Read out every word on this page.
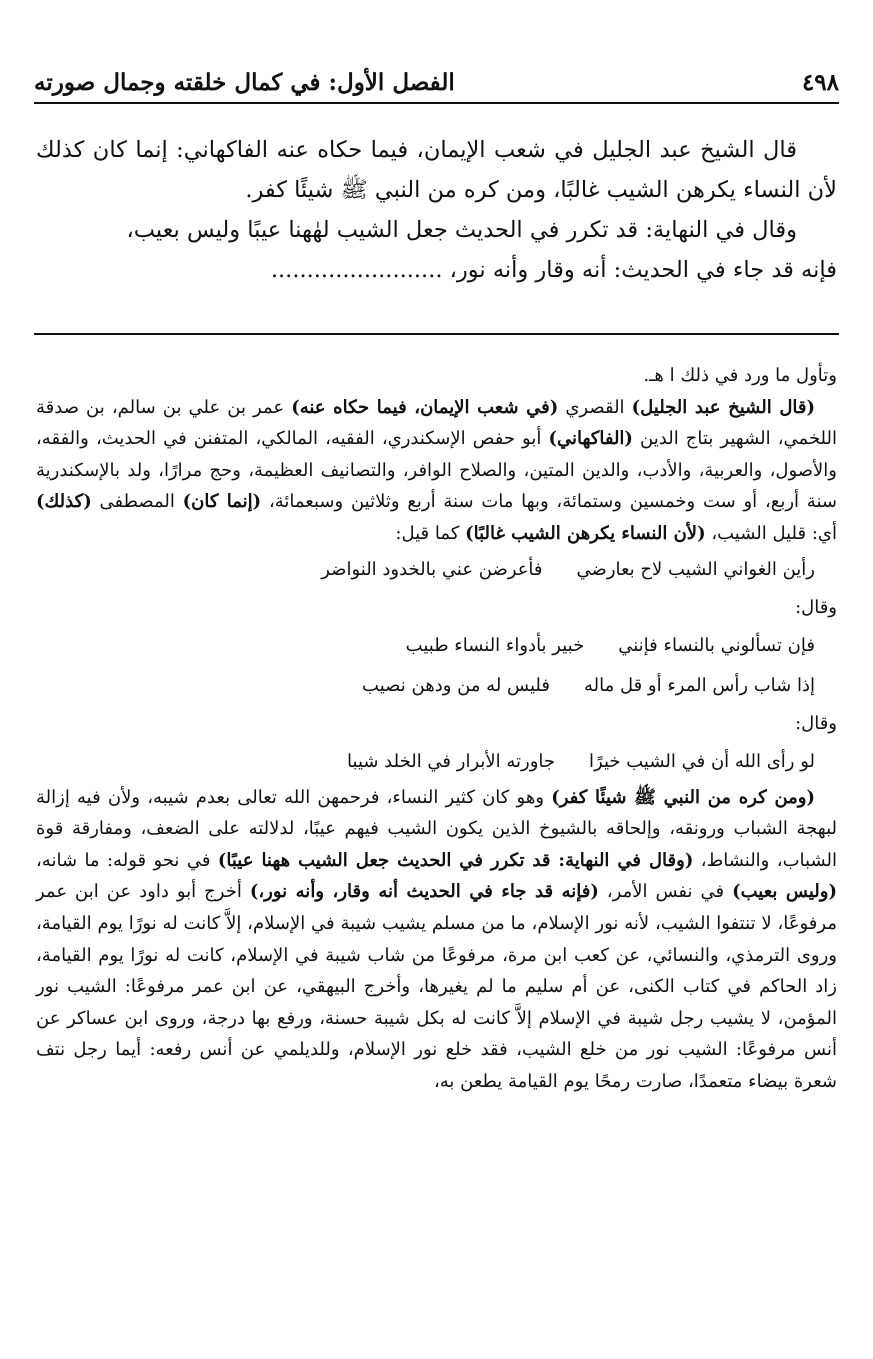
٤٩٨
الفصل الأول: في كمال خلقته وجمال صورته

قال الشيخ عبد الجليل في شعب الإيمان، فيما حكاه عنه الفاكهاني: إنما كان كذلك لأن النساء يكرهن الشيب غالبًا، ومن كره من النبي ﷺ شيئًا كفر.

وقال في النهاية: قد تكرر في الحديث جعل الشيب لهٰهنا عيبًا وليس بعيب،

فإنه قد جاء في الحديث: أنه وقار وأنه نور، ........................

وتأول ما ورد في ذلك ا هـ.

(قال الشيخ عبد الجليل) القصري (في شعب الإيمان، فيما حكاه عنه) عمر بن علي بن سالم، بن صدقة اللخمي، الشهير بتاج الدين (الفاكهاني) أبو حفص الإسكندري، الفقيه، المالكي، المتفنن في الحديث، والفقه، والأصول، والعربية، والأدب، والدين المتين، والصلاح الوافر، والتصانيف العظيمة، وحج مرارًا، ولد بالإسكندرية سنة أربع، أو ست وخمسين وستمائة، وبها مات سنة أربع وثلاثين وسبعمائة، (إنما كان) المصطفى (كذلك) أي: قليل الشيب، (لأن النساء يكرهن الشيب غالبًا) كما قيل:

رأين الغواني الشيب لاح بعارضي
فأعرضن عني بالخدود النواضر
وقال:
فإن تسألوني بالنساء فإنني
خبير بأدواء النساء طبيب
إذا شاب رأس المرء أو قل ماله
فليس له من ودهن نصيب
وقال:
لو رأى الله أن في الشيب خيرًا
جاورته الأبرار في الخلد شيبا

(ومن كره من النبي ﷺ شيئًا كفر) وهو كان كثير النساء، فرحمهن الله تعالى بعدم شيبه، ولأن فيه إزالة لبهجة الشباب ورونقه، وإلحاقه بالشيوخ الذين يكون الشيب فيهم عيبًا، لدلالته على الضعف، ومفارقة قوة الشباب، والنشاط، (وقال في النهاية: قد تكرر في الحديث جعل الشيب ههنا عيبًا) في نحو قوله: ما شانه، (وليس بعيب) في نفس الأمر، (فإنه قد جاء في الحديث أنه وقار، وأنه نور،) أخرج أبو داود عن ابن عمر مرفوعًا، لا تنتفوا الشيب، لأنه نور الإسلام، ما من مسلم يشيب شيبة في الإسلام، إلاَّ كانت له نورًا يوم القيامة، وروى الترمذي، والنسائي، عن كعب ابن مرة، مرفوعًا من شاب شيبة في الإسلام، كانت له نورًا يوم القيامة، زاد الحاكم في كتاب الكنى، عن أم سليم ما لم يغيرها، وأخرج البيهقي، عن ابن عمر مرفوعًا: الشيب نور المؤمن، لا يشيب رجل شيبة في الإسلام إلاَّ كانت له بكل شيبة حسنة، ورفع بها درجة، وروى ابن عساكر عن أنس مرفوعًا: الشيب نور من خلع الشيب، فقد خلع نور الإسلام، وللديلمي عن أنس رفعه: أيما رجل نتف شعرة بيضاء متعمدًا، صارت رمحًا يوم القيامة يطعن به،
